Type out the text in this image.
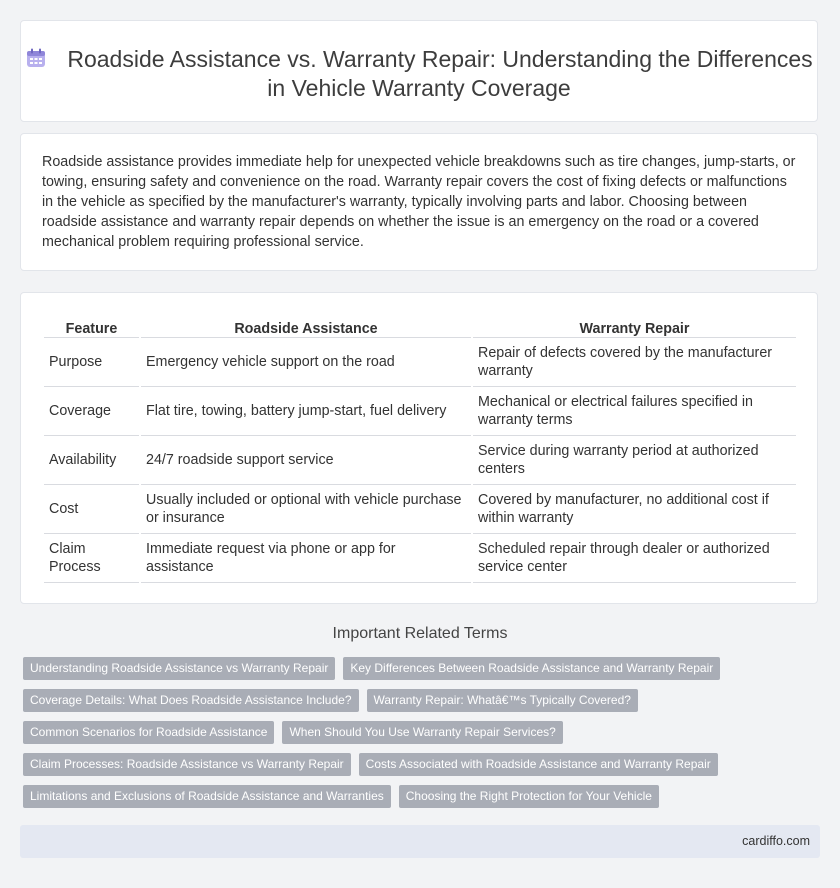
Roadside Assistance vs. Warranty Repair: Understanding the Differences in Vehicle Warranty Coverage
Roadside assistance provides immediate help for unexpected vehicle breakdowns such as tire changes, jump-starts, or towing, ensuring safety and convenience on the road. Warranty repair covers the cost of fixing defects or malfunctions in the vehicle as specified by the manufacturer's warranty, typically involving parts and labor. Choosing between roadside assistance and warranty repair depends on whether the issue is an emergency on the road or a covered mechanical problem requiring professional service.
Feature	Roadside Assistance	Warranty Repair
Purpose	Emergency vehicle support on the road	Repair of defects covered by the manufacturer warranty
Coverage	Flat tire, towing, battery jump-start, fuel delivery	Mechanical or electrical failures specified in warranty terms
Availability	24/7 roadside support service	Service during warranty period at authorized centers
Cost	Usually included or optional with vehicle purchase or insurance	Covered by manufacturer, no additional cost if within warranty
Claim Process	Immediate request via phone or app for assistance	Scheduled repair through dealer or authorized service center
Important Related Terms
Understanding Roadside Assistance vs Warranty Repair	Key Differences Between Roadside Assistance and Warranty Repair
Coverage Details: What Does Roadside Assistance Include?	Warranty Repair: Whatâ€™s Typically Covered?
Common Scenarios for Roadside Assistance	When Should You Use Warranty Repair Services?
Claim Processes: Roadside Assistance vs Warranty Repair	Costs Associated with Roadside Assistance and Warranty Repair
Limitations and Exclusions of Roadside Assistance and Warranties	Choosing the Right Protection for Your Vehicle
cardiffo.com
